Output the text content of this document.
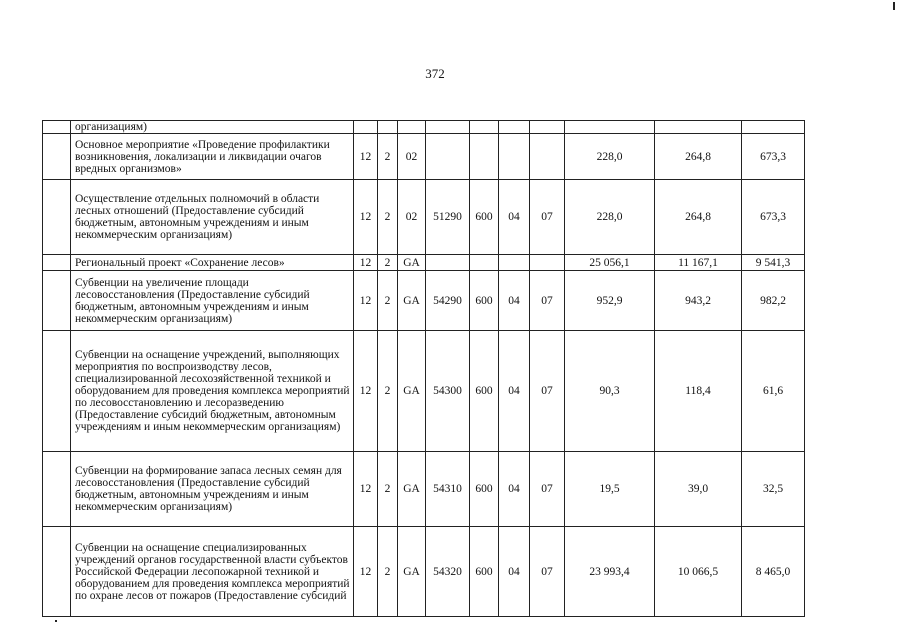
372
	организациям)										
	Основное мероприятие «Проведение профилактики возникновения, локализации и ликвидации очагов вредных организмов»	12	2	02					228,0	264,8	673,3
	Осуществление отдельных полномочий в области лесных отношений (Предоставление субсидий бюджетным, автономным учреждениям и иным некоммерческим организациям)	12	2	02	51290	600	04	07	228,0	264,8	673,3
	Региональный проект «Сохранение лесов»	12	2	GA					25 056,1	11 167,1	9 541,3
	Субвенции на увеличение площади лесовосстановления (Предоставление субсидий бюджетным, автономным учреждениям и иным некоммерческим организациям)	12	2	GA	54290	600	04	07	952,9	943,2	982,2
	Субвенции на оснащение учреждений, выполняющих мероприятия по воспроизводству лесов, специализированной лесохозяйственной техникой и оборудованием для проведения комплекса мероприятий по лесовосстановлению и лесоразведению (Предоставление субсидий бюджетным, автономным учреждениям и иным некоммерческим организациям)	12	2	GA	54300	600	04	07	90,3	118,4	61,6
	Субвенции на формирование запаса лесных семян для лесовосстановления (Предоставление субсидий бюджетным, автономным учреждениям и иным некоммерческим организациям)	12	2	GA	54310	600	04	07	19,5	39,0	32,5
	Субвенции на оснащение специализированных учреждений органов государственной власти субъектов Российской Федерации лесопожарной техникой и оборудованием для проведения комплекса мероприятий по охране лесов от пожаров (Предоставление субсидий	12	2	GA	54320	600	04	07	23 993,4	10 066,5	8 465,0
